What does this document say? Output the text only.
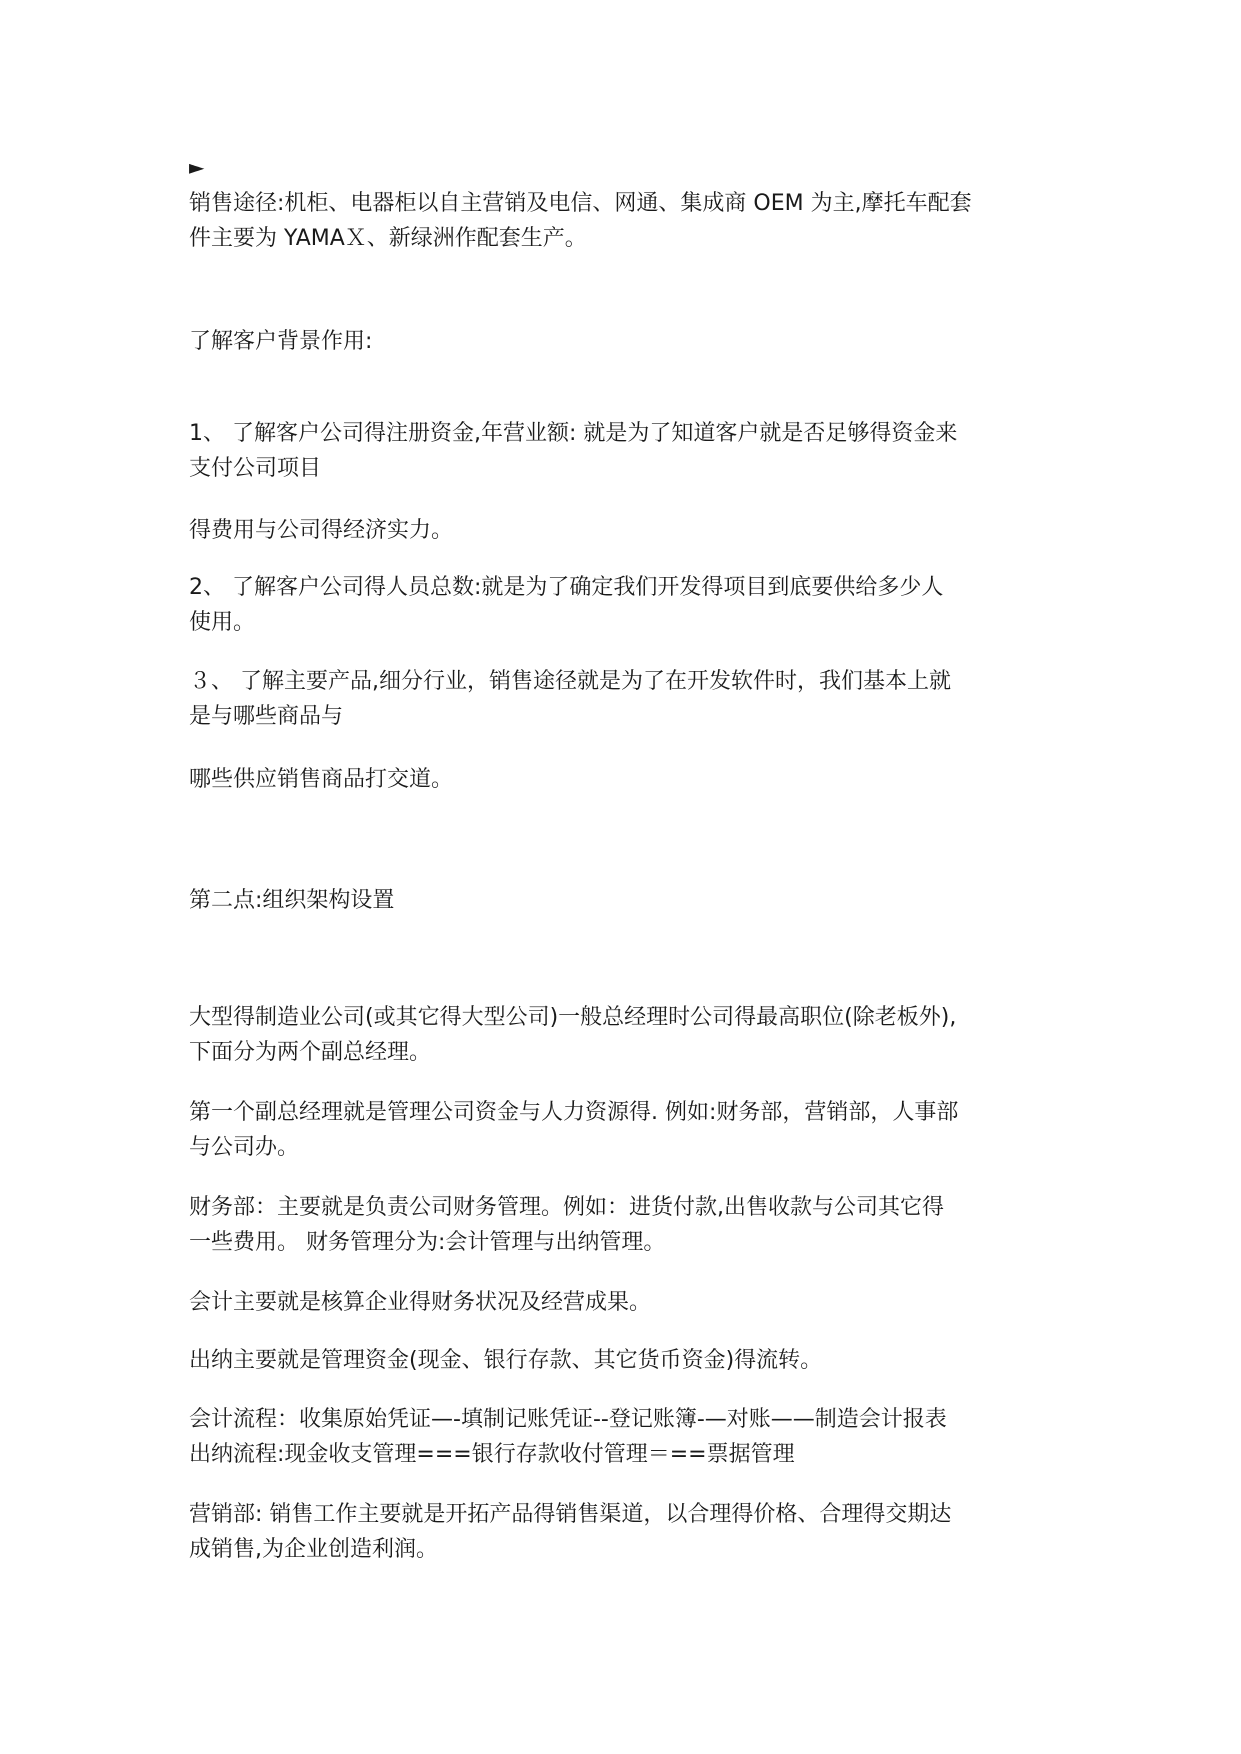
►

销售途径:机柜、电器柜以自主营销及电信、网通、集成商 OEM 为主,摩托车配套
件主要为 YAMAＸ、新绿洲作配套生产。

了解客户背景作用:

1、 了解客户公司得注册资金,年营业额: 就是为了知道客户就是否足够得资金来
支付公司项目

得费用与公司得经济实力。

2、 了解客户公司得人员总数:就是为了确定我们开发得项目到底要供给多少人
使用。

３、 了解主要产品,细分行业，销售途径就是为了在开发软件时，我们基本上就
是与哪些商品与

哪些供应销售商品打交道。

第二点:组织架构设置

大型得制造业公司(或其它得大型公司)一般总经理时公司得最高职位(除老板外),
下面分为两个副总经理。

第一个副总经理就是管理公司资金与人力资源得. 例如:财务部，营销部，人事部
与公司办。

财务部：主要就是负责公司财务管理。例如：进货付款,出售收款与公司其它得
一些费用。 财务管理分为:会计管理与出纳管理。

会计主要就是核算企业得财务状况及经营成果。

出纳主要就是管理资金(现金、银行存款、其它货币资金)得流转。

会计流程：收集原始凭证—-填制记账凭证--登记账簿-—对账——制造会计报表
出纳流程:现金收支管理===银行存款收付管理＝==票据管理

营销部: 销售工作主要就是开拓产品得销售渠道，以合理得价格、合理得交期达
成销售,为企业创造利润。
